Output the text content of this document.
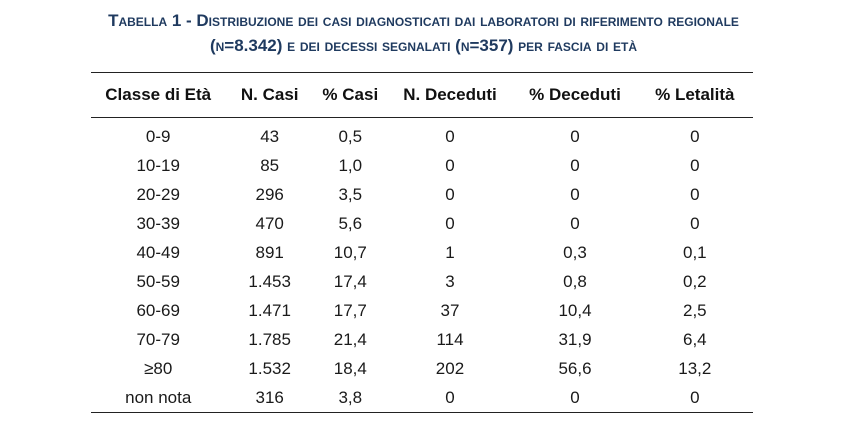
Tabella 1 - Distribuzione dei casi diagnosticati dai laboratori di riferimento regionale
(n=8.342) e dei decessi segnalati (n=357) per fascia di età
Classe di Età	N. Casi	% Casi	N. Deceduti	% Deceduti	% Letalità
0-9	43	0,5	0	0	0
10-19	85	1,0	0	0	0
20-29	296	3,5	0	0	0
30-39	470	5,6	0	0	0
40-49	891	10,7	1	0,3	0,1
50-59	1.453	17,4	3	0,8	0,2
60-69	1.471	17,7	37	10,4	2,5
70-79	1.785	21,4	114	31,9	6,4
≥80	1.532	18,4	202	56,6	13,2
non nota	316	3,8	0	0	0
